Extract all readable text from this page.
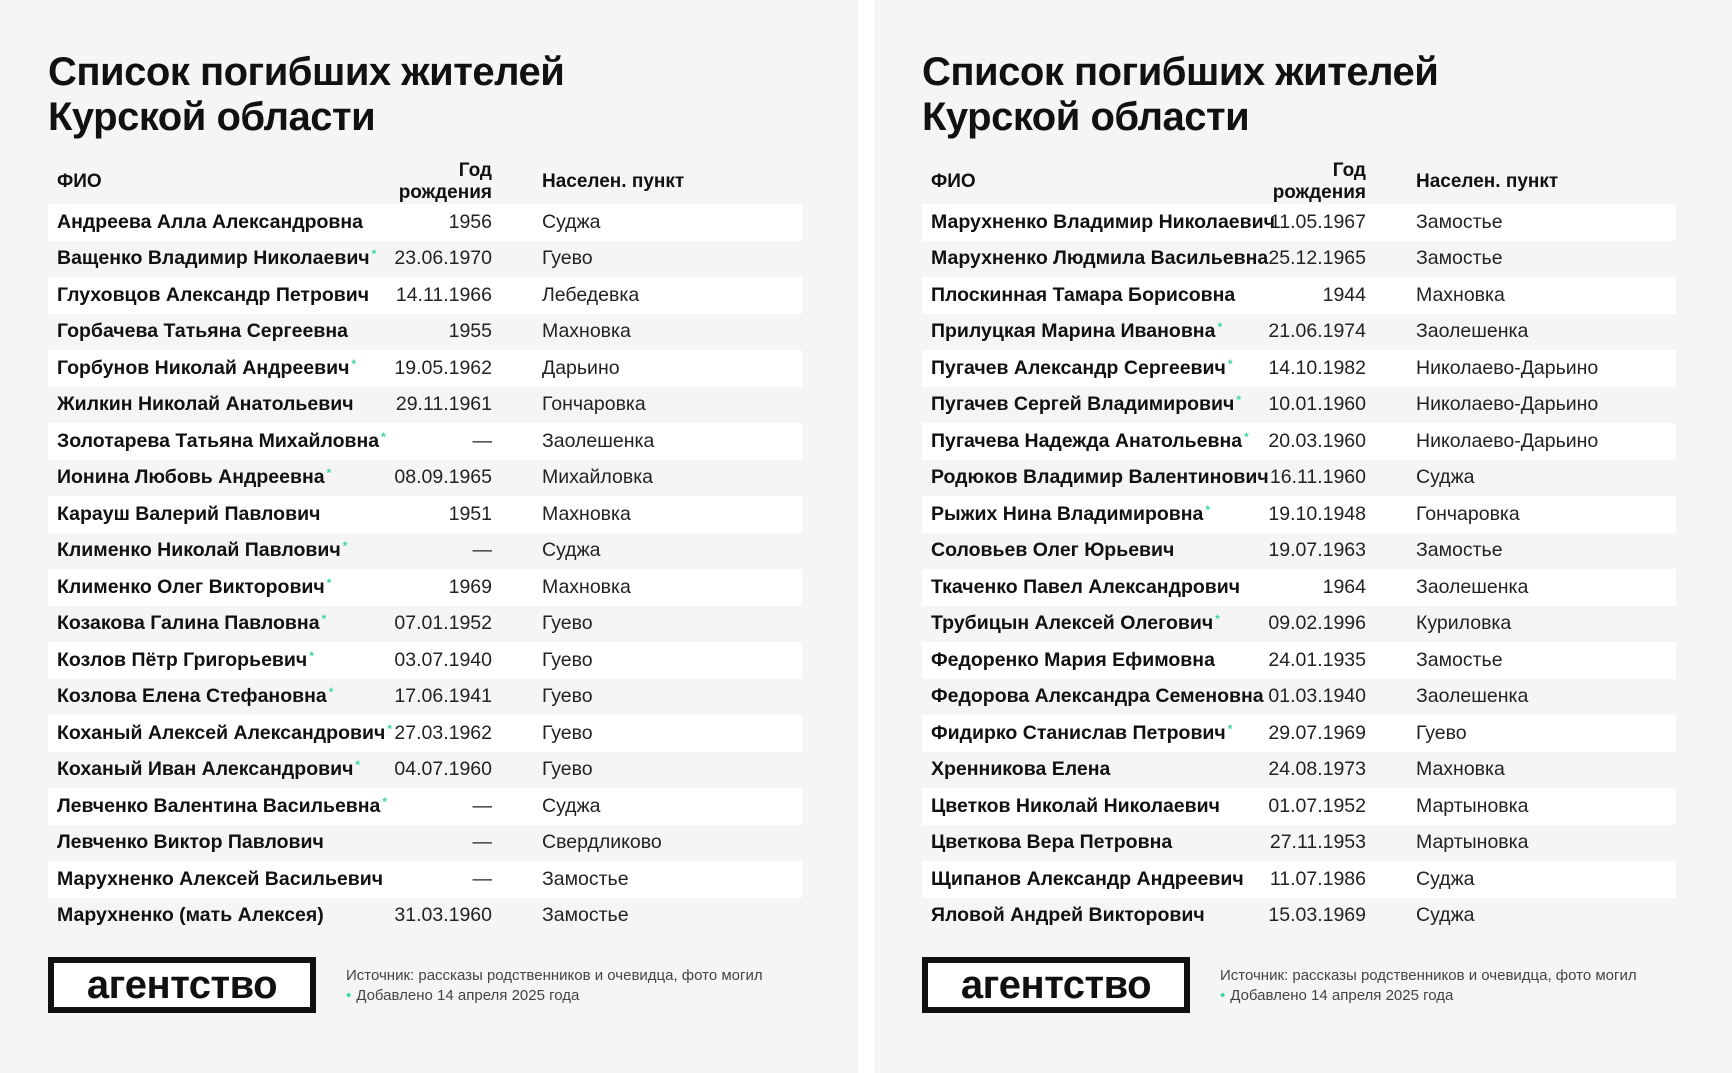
Список погибших жителей
Курской области
ФИО	Год рождения	Населен. пункт
Андреева Алла Александровна	1956	Суджа
Ващенко Владимир Николаевич *	23.06.1970	Гуево
Глуховцов Александр Петрович	14.11.1966	Лебедевка
Горбачева Татьяна Сергеевна	1955	Махновка
Горбунов Николай Андреевич *	19.05.1962	Дарьино
Жилкин Николай Анатольевич	29.11.1961	Гончаровка
Золотарева Татьяна Михайловна *	—	Заолешенка
Ионина Любовь Андреевна *	08.09.1965	Михайловка
Карауш Валерий Павлович	1951	Махновка
Клименко Николай Павлович *	—	Суджа
Клименко Олег Викторович *	1969	Махновка
Козакова Галина Павловна *	07.01.1952	Гуево
Козлов Пётр Григорьевич *	03.07.1940	Гуево
Козлова Елена Стефановна *	17.06.1941	Гуево
Коханый Алексей Александрович *	27.03.1962	Гуево
Коханый Иван Александрович *	04.07.1960	Гуево
Левченко Валентина Васильевна *	—	Суджа
Левченко Виктор Павлович	—	Свердликово
Марухненко Алексей Васильевич	—	Замостье
Марухненко (мать Алексея)	31.03.1960	Замостье
агентство	Источник: рассказы родственников и очевидца, фото могил
• Добавлено 14 апреля 2025 года
Список погибших жителей
Курской области
ФИО	Год рождения	Населен. пункт
Марухненко Владимир Николаевич	11.05.1967	Замостье
Марухненко Людмила Васильевна	25.12.1965	Замостье
Плоскинная Тамара Борисовна	1944	Махновка
Прилуцкая Марина Ивановна *	21.06.1974	Заолешенка
Пугачев Александр Сергеевич *	14.10.1982	Николаево-Дарьино
Пугачев Сергей Владимирович *	10.01.1960	Николаево-Дарьино
Пугачева Надежда Анатольевна *	20.03.1960	Николаево-Дарьино
Родюков Владимир Валентинович	16.11.1960	Суджа
Рыжих Нина Владимировна *	19.10.1948	Гончаровка
Соловьев Олег Юрьевич	19.07.1963	Замостье
Ткаченко Павел Александрович	1964	Заолешенка
Трубицын Алексей Олегович *	09.02.1996	Куриловка
Федоренко Мария Ефимовна	24.01.1935	Замостье
Федорова Александра Семеновна	01.03.1940	Заолешенка
Фидирко Станислав Петрович *	29.07.1969	Гуево
Хренникова Елена	24.08.1973	Махновка
Цветков Николай Николаевич	01.07.1952	Мартыновка
Цветкова Вера Петровна	27.11.1953	Мартыновка
Щипанов Александр Андреевич	11.07.1986	Суджа
Яловой Андрей Викторович	15.03.1969	Суджа
агентство	Источник: рассказы родственников и очевидца, фото могил
• Добавлено 14 апреля 2025 года
